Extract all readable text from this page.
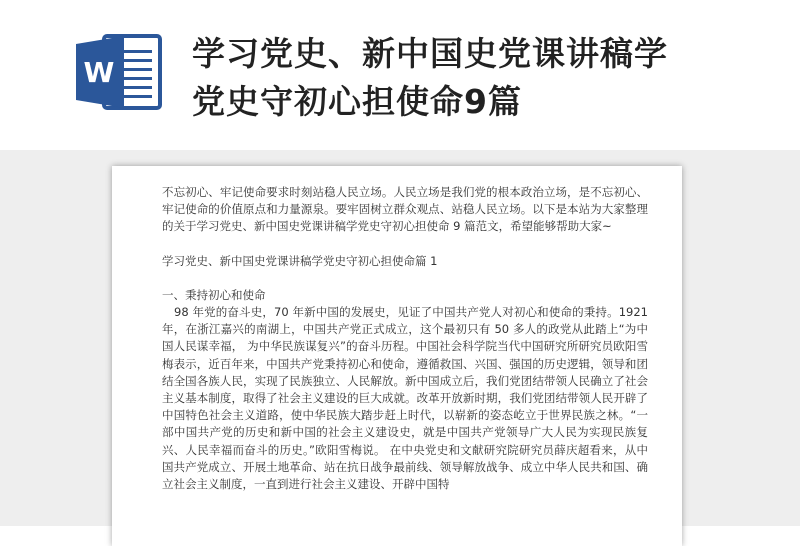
W 学习党史、新中国史党课讲稿学
党史守初心担使命9篇

不忘初心、牢记使命要求时刻站稳人民立场。人民立场是我们党的根本政治立场，是不忘初心、牢记使命的价值原点和力量源泉。要牢固树立群众观点、站稳人民立场。以下是本站为大家整理的关于学习党史、新中国史党课讲稿学党史守初心担使命 9 篇范文，希望能够帮助大家~

学习党史、新中国史党课讲稿学党史守初心担使命篇 1

一、秉持初心和使命

98 年党的奋斗史，70 年新中国的发展史，见证了中国共产党人对初心和使命的秉持。1921年，在浙江嘉兴的南湖上，中国共产党正式成立，这个最初只有 50 多人的政党从此踏上“为中国人民谋幸福， 为中华民族谋复兴”的奋斗历程。中国社会科学院当代中国研究所研究员欧阳雪梅表示，近百年来，中国共产党秉持初心和使命，遵循救国、兴国、强国的历史逻辑，领导和团结全国各族人民，实现了民族独立、人民解放。新中国成立后，我们党团结带领人民确立了社会主义基本制度，取得了社会主义建设的巨大成就。改革开放新时期，我们党团结带领人民开辟了中国特色社会主义道路，使中华民族大踏步赶上时代，以崭新的姿态屹立于世界民族之林。“一部中国共产党的历史和新中国的社会主义建设史，就是中国共产党领导广大人民为实现民族复兴、人民幸福而奋斗的历史。”欧阳雪梅说。 在中央党史和文献研究院研究员薛庆超看来，从中国共产党成立、开展土地革命、站在抗日战争最前线、领导解放战争、成立中华人民共和国、确立社会主义制度，一直到进行社会主义建设、开辟中国特
